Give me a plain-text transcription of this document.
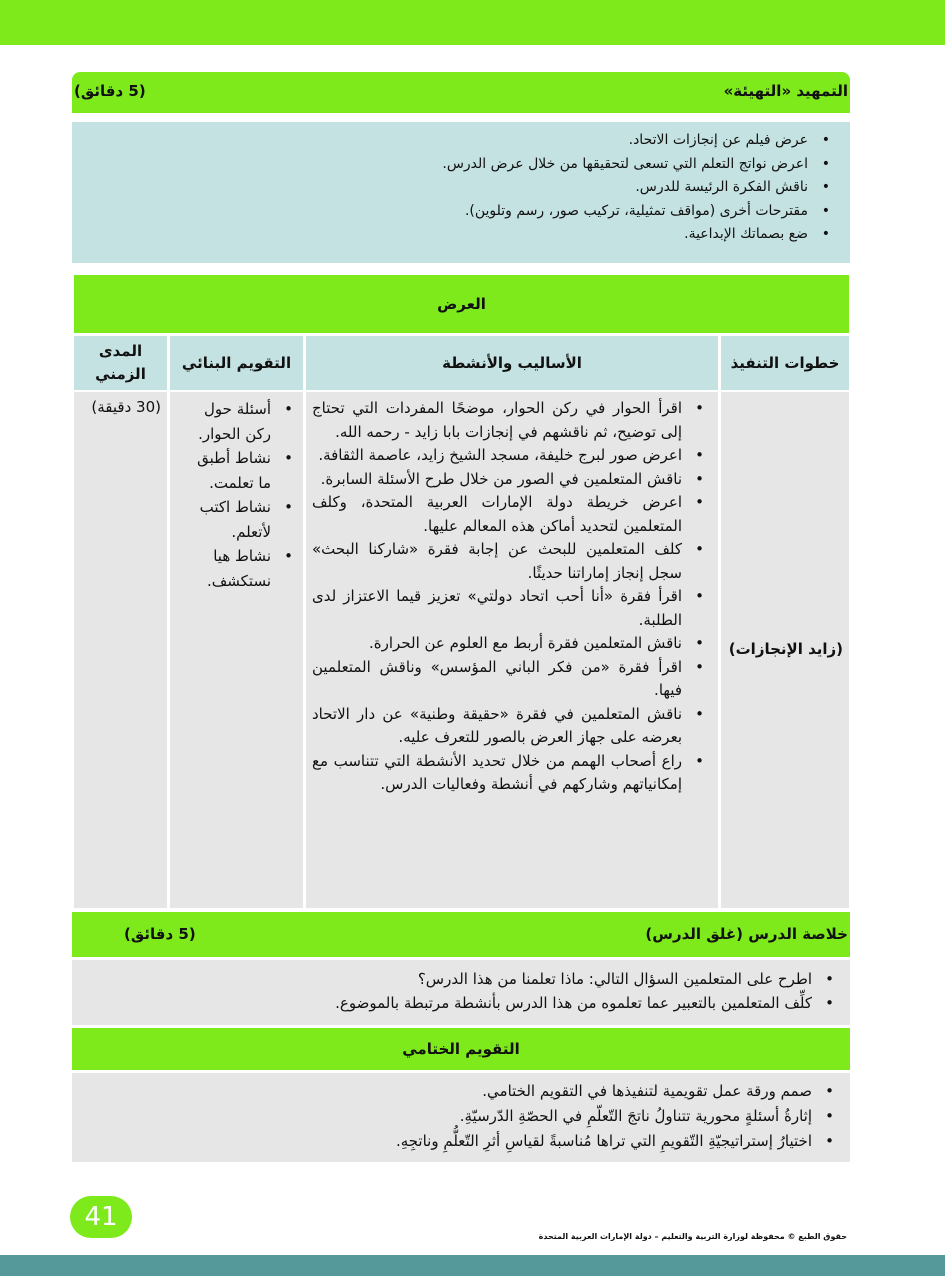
التمهيد «التهيئة»
(5 دقائق)
• عرض فيلم عن إنجازات الاتحاد.
• اعرض نواتج التعلم التي تسعى لتحقيقها من خلال عرض الدرس.
• ناقش الفكرة الرئيسة للدرس.
• مقترحات أخرى (مواقف تمثيلية، تركيب صور، رسم وتلوين).
• ضع بصماتك الإبداعية.
العرض
خطوات التنفيذ
الأساليب والأنشطة
التقويم البنائي
المدى الزمني
(زايد الإنجازات)
• اقرأ الحوار في ركن الحوار، موضحًا المفردات التي تحتاج إلى توضيح، ثم ناقشهم في إنجازات بابا زايد - رحمه الله.
• اعرض صور لبرج خليفة، مسجد الشيخ زايد، عاصمة الثقافة.
• ناقش المتعلمين في الصور من خلال طرح الأسئلة السابرة.
• اعرض خريطة دولة الإمارات العربية المتحدة، وكلف المتعلمين لتحديد أماكن هذه المعالم عليها.
• كلف المتعلمين للبحث عن إجابة فقرة «شاركنا البحث» سجل إنجاز إماراتنا حديثًا.
• اقرأ فقرة «أنا أحب اتحاد دولتي» تعزيز قيما الاعتزاز لدى الطلبة.
• ناقش المتعلمين فقرة أربط مع العلوم عن الحرارة.
• اقرأ فقرة «من فكر الباني المؤسس» وناقش المتعلمين فيها.
• ناقش المتعلمين في فقرة «حقيقة وطنية» عن دار الاتحاد بعرضه على جهاز العرض بالصور للتعرف عليه.
• راع أصحاب الهمم من خلال تحديد الأنشطة التي تتناسب مع إمكانياتهم وشاركهم في أنشطة وفعاليات الدرس.
• أسئلة حول ركن الحوار.
• نشاط أطبق ما تعلمت.
• نشاط اكتب لأتعلم.
• نشاط هيا نستكشف.
(30 دقيقة)
خلاصة الدرس (غلق الدرس)
(5 دقائق)
• اطرح على المتعلمين السؤال التالي: ماذا تعلمنا من هذا الدرس؟
• كلِّف المتعلمين بالتعبير عما تعلموه من هذا الدرس بأنشطة مرتبطة بالموضوع.
التقويم الختامي
• صمم ورقة عمل تقويمية لتنفيذها في التقويم الختامي.
• إثارةُ أسئلةٍ محورية تتناولُ ناتجَ التّعلّمِ في الحصّةِ الدّرسيّةِ.
• اختيارُ إستراتيجيّةِ التّقويمِ التي تراها مُناسبةً لقياسِ أثرِ التّعلُّمِ وناتجِهِ.
41
حقوق الطبع © محفوظة لوزارة التربية والتعليم – دولة الإمارات العربية المتحدة
